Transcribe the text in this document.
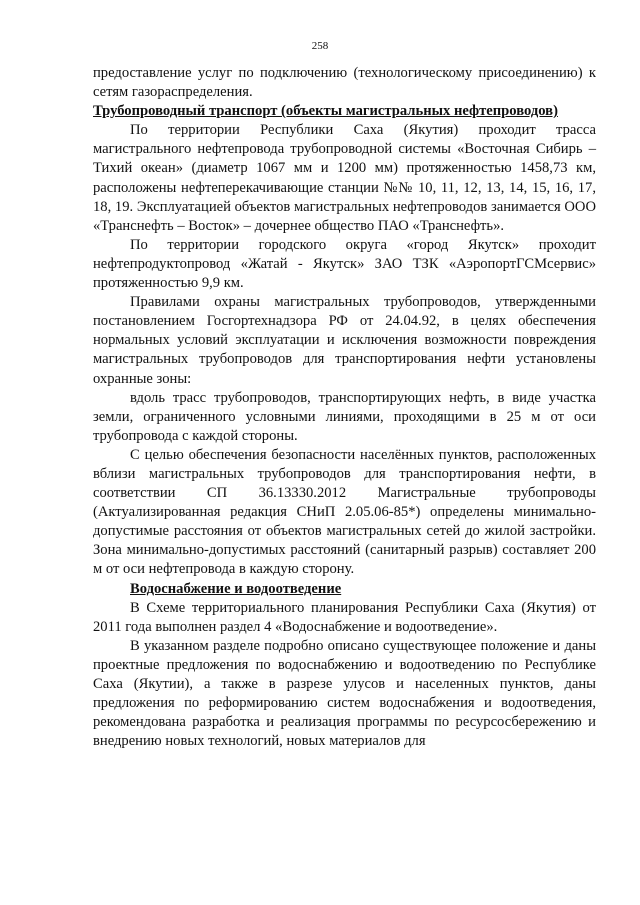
258

предоставление услуг по подключению (технологическому присоединению) к сетям газораспределения.

Трубопроводный транспорт (объекты магистральных нефтепроводов)

По территории Республики Саха (Якутия) проходит трасса магистрального нефтепровода трубопроводной системы «Восточная Сибирь – Тихий океан» (диаметр 1067 мм и 1200 мм) протяженностью 1458,73 км, расположены нефтеперекачивающие станции №№ 10, 11, 12, 13, 14, 15, 16, 17, 18, 19. Эксплуатацией объектов магистральных нефтепроводов занимается ООО «Транснефть – Восток» – дочернее общество ПАО «Транснефть».

По территории городского округа «город Якутск» проходит нефтепродуктопровод «Жатай - Якутск» ЗАО ТЗК «АэропортГСМсервис» протяженностью 9,9 км.

Правилами охраны магистральных трубопроводов, утвержденными постановлением Госгортехнадзора РФ от 24.04.92, в целях обеспечения нормальных условий эксплуатации и исключения возможности повреждения магистральных трубопроводов для транспортирования нефти установлены охранные зоны:

вдоль трасс трубопроводов, транспортирующих нефть, в виде участка земли, ограниченного условными линиями, проходящими в 25 м от оси трубопровода с каждой стороны.

С целью обеспечения безопасности населённых пунктов, расположенных вблизи магистральных трубопроводов для транспортирования нефти, в соответствии СП 36.13330.2012 Магистральные трубопроводы (Актуализированная редакция СНиП 2.05.06-85*) определены минимально-допустимые расстояния от объектов магистральных сетей до жилой застройки. Зона минимально-допустимых расстояний (санитарный разрыв) составляет 200 м от оси нефтепровода в каждую сторону.

Водоснабжение и водоотведение

В Схеме территориального планирования Республики Саха (Якутия) от 2011 года выполнен раздел 4 «Водоснабжение и водоотведение».

В указанном разделе подробно описано существующее положение и даны проектные предложения по водоснабжению и водоотведению по Республике Саха (Якутии), а также в разрезе улусов и населенных пунктов, даны предложения по реформированию систем водоснабжения и водоотведения, рекомендована разработка и реализация программы по ресурсосбережению и внедрению новых технологий, новых материалов для
